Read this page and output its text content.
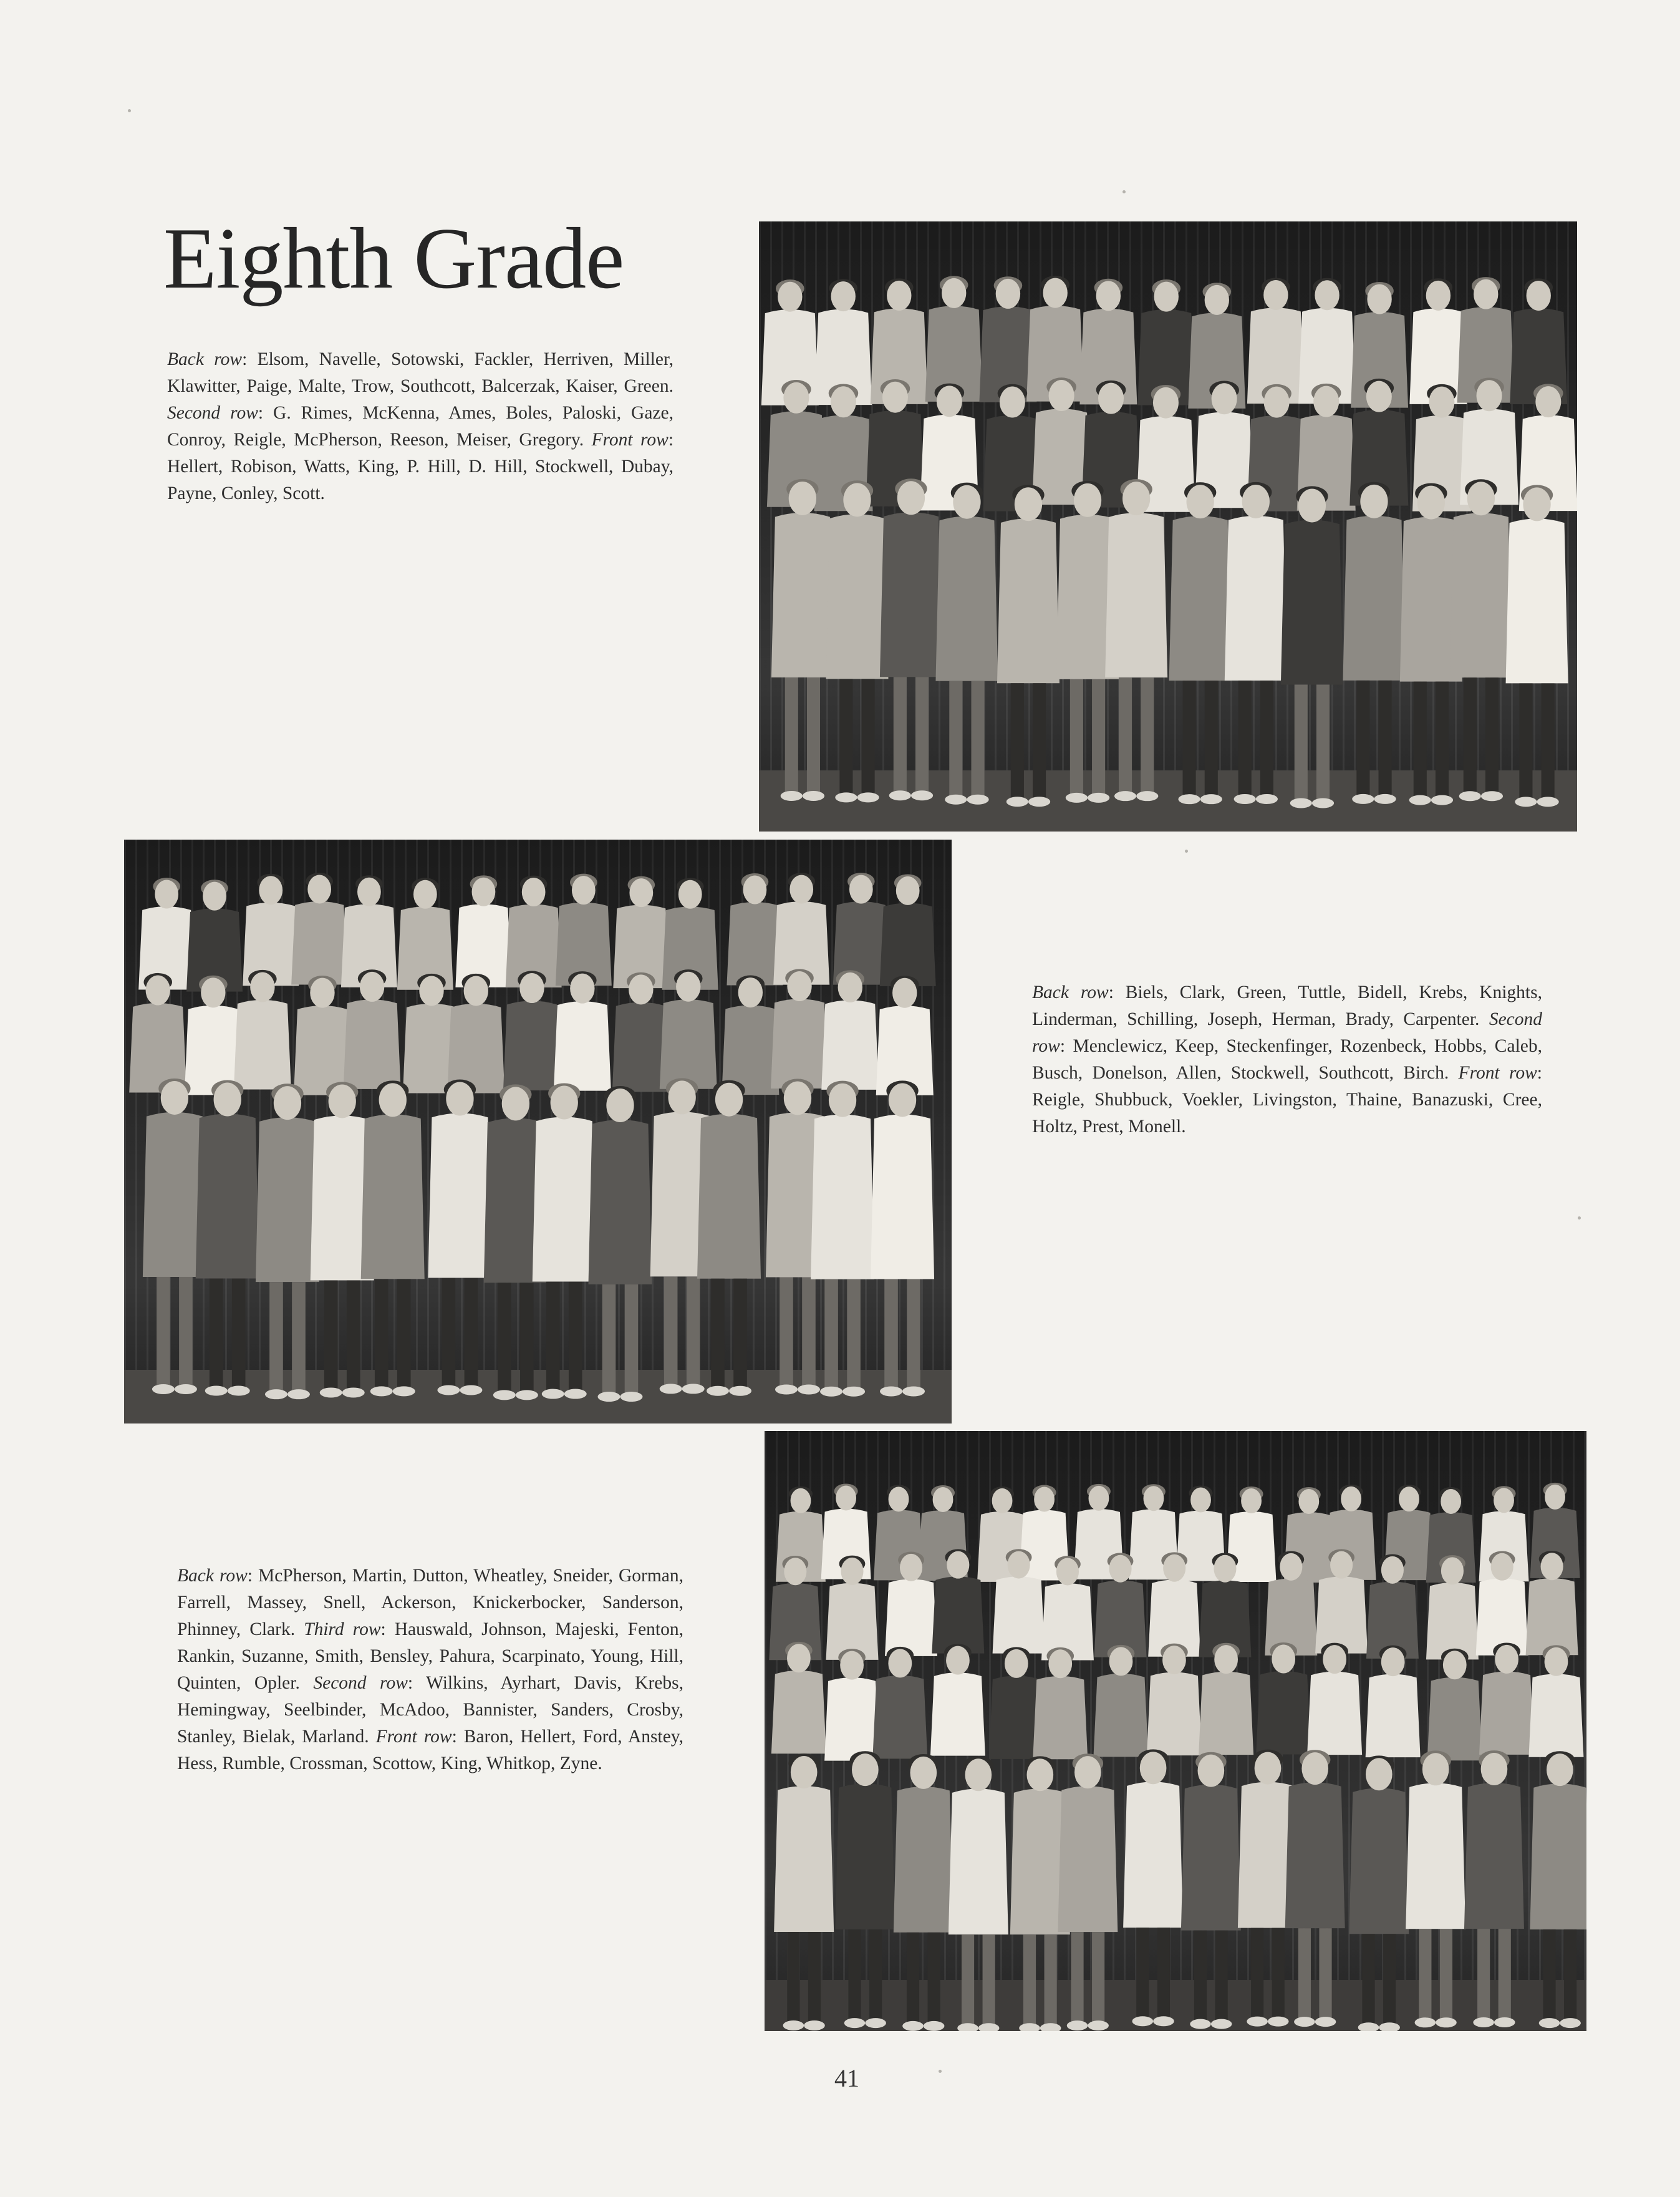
Eighth Grade

Back row: Elsom, Navelle, Sotowski, Fackler, Herriven, Miller, Klawitter, Paige, Malte, Trow, Southcott, Balcerzak, Kaiser, Green. Second row: G. Rimes, McKenna, Ames, Boles, Paloski, Gaze, Conroy, Reigle, McPherson, Reeson, Meiser, Gregory. Front row: Hellert, Robison, Watts, King, P. Hill, D. Hill, Stockwell, Dubay, Payne, Conley, Scott.

Back row: Biels, Clark, Green, Tuttle, Bidell, Krebs, Knights, Linderman, Schilling, Joseph, Herman, Brady, Carpenter. Second row: Menclewicz, Keep, Steckenfinger, Rozenbeck, Hobbs, Caleb, Busch, Donelson, Allen, Stockwell, Southcott, Birch. Front row: Reigle, Shubbuck, Voekler, Livingston, Thaine, Banazuski, Cree, Holtz, Prest, Monell.

Back row: McPherson, Martin, Dutton, Wheatley, Sneider, Gorman, Farrell, Massey, Snell, Ackerson, Knickerbocker, Sanderson, Phinney, Clark. Third row: Hauswald, Johnson, Majeski, Fenton, Rankin, Suzanne, Smith, Bensley, Pahura, Scarpinato, Young, Hill, Quinten, Opler. Second row: Wilkins, Ayrhart, Davis, Krebs, Hemingway, Seelbinder, McAdoo, Bannister, Sanders, Crosby, Stanley, Bielak, Marland. Front row: Baron, Hellert, Ford, Anstey, Hess, Rumble, Crossman, Scottow, King, Whitkop, Zyne.

41
